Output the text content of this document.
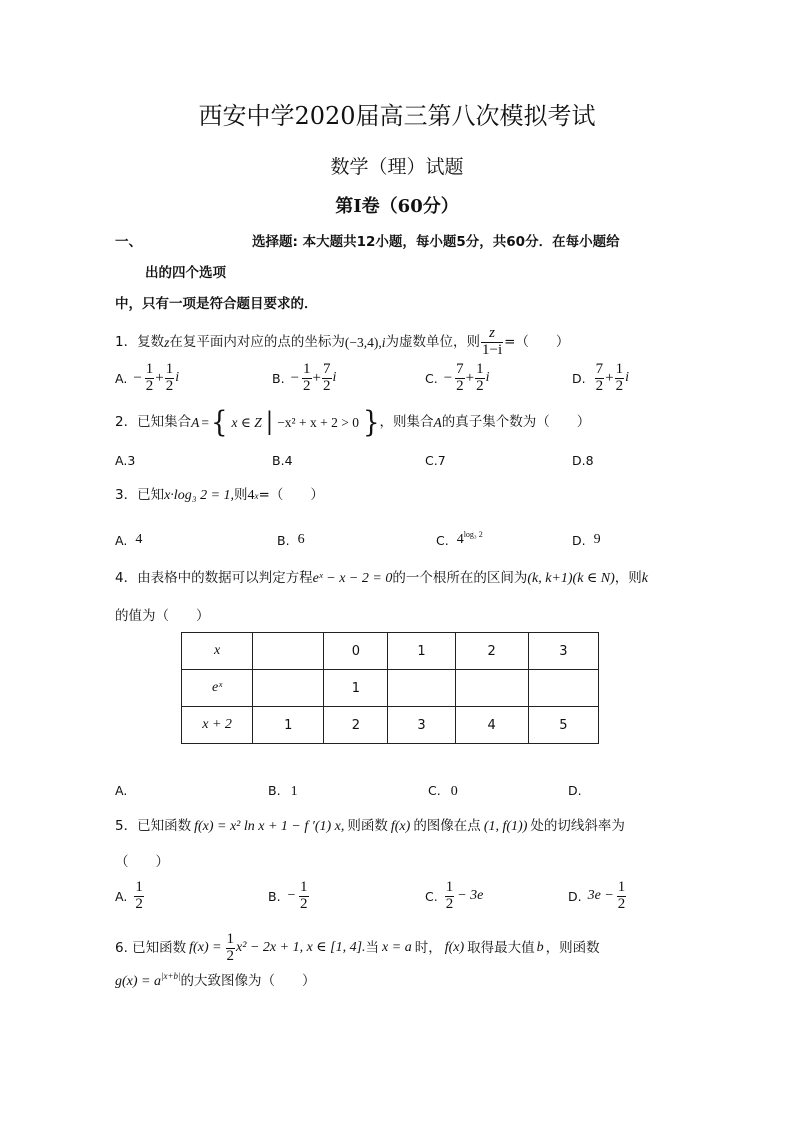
西安中学2020届高三第八次模拟考试
数学（理）试题
第Ⅰ卷（60分）
一、	选择题: 本大题共12小题，每小题5分，共60分．在每小题给
出的四个选项
中，只有一项是符合题目要求的．
1．复数 z 在复平面内对应的点的坐标为 (−3,4), i 为虚数单位，则 $\frac{z}{1-i}$ =（　　）
A. − $\frac{1}{2} + \frac{1}{2}$ i	B. − $\frac{1}{2} + \frac{7}{2}$ i	C. − $\frac{7}{2} + \frac{1}{2}$ i	D. $\frac{7}{2} + \frac{1}{2}$ i
2．已知集合 A = { x ∈ Z | −x² + x + 2 > 0 } ，则集合 A 的真子集个数为（　　）
A.3	B.4	C.7	D.8
3．已知 x·log₃ 2 = 1, 则 4 x =（　　）
A. 4	B. 6	C. $4^{log_3 2}$	D. 9
4．由表格中的数据可以判定方程 eˣ − x − 2 = 0 的一个根所在的区间为 (k, k+1)(k ∈ N) ，则 k
的值为（　　）
x		0	1	2	3
eˣ		1			
x + 2	1	2	3	4	5
A.	B. 1	C. 0	D.
5．已知函数 f(x) = x² ln x + 1 − f ′(1) x, 则函数 f(x) 的图像在点 (1, f(1)) 处的切线斜率为
（　　）
A. $\frac{1}{2}$	B. − $\frac{1}{2}$	C. $\frac{1}{2} - 3e$	D. $3e - \frac{1}{2}$
6. 已知函数 $f(x) = \frac{1}{2} x^2 - 2x + 1$, x ∈ [1, 4]. 当 x = a 时， f(x) 取得最大值 b ，则函数
$g(x) = a^{|x+b|}$ 的大致图像为（　　）
